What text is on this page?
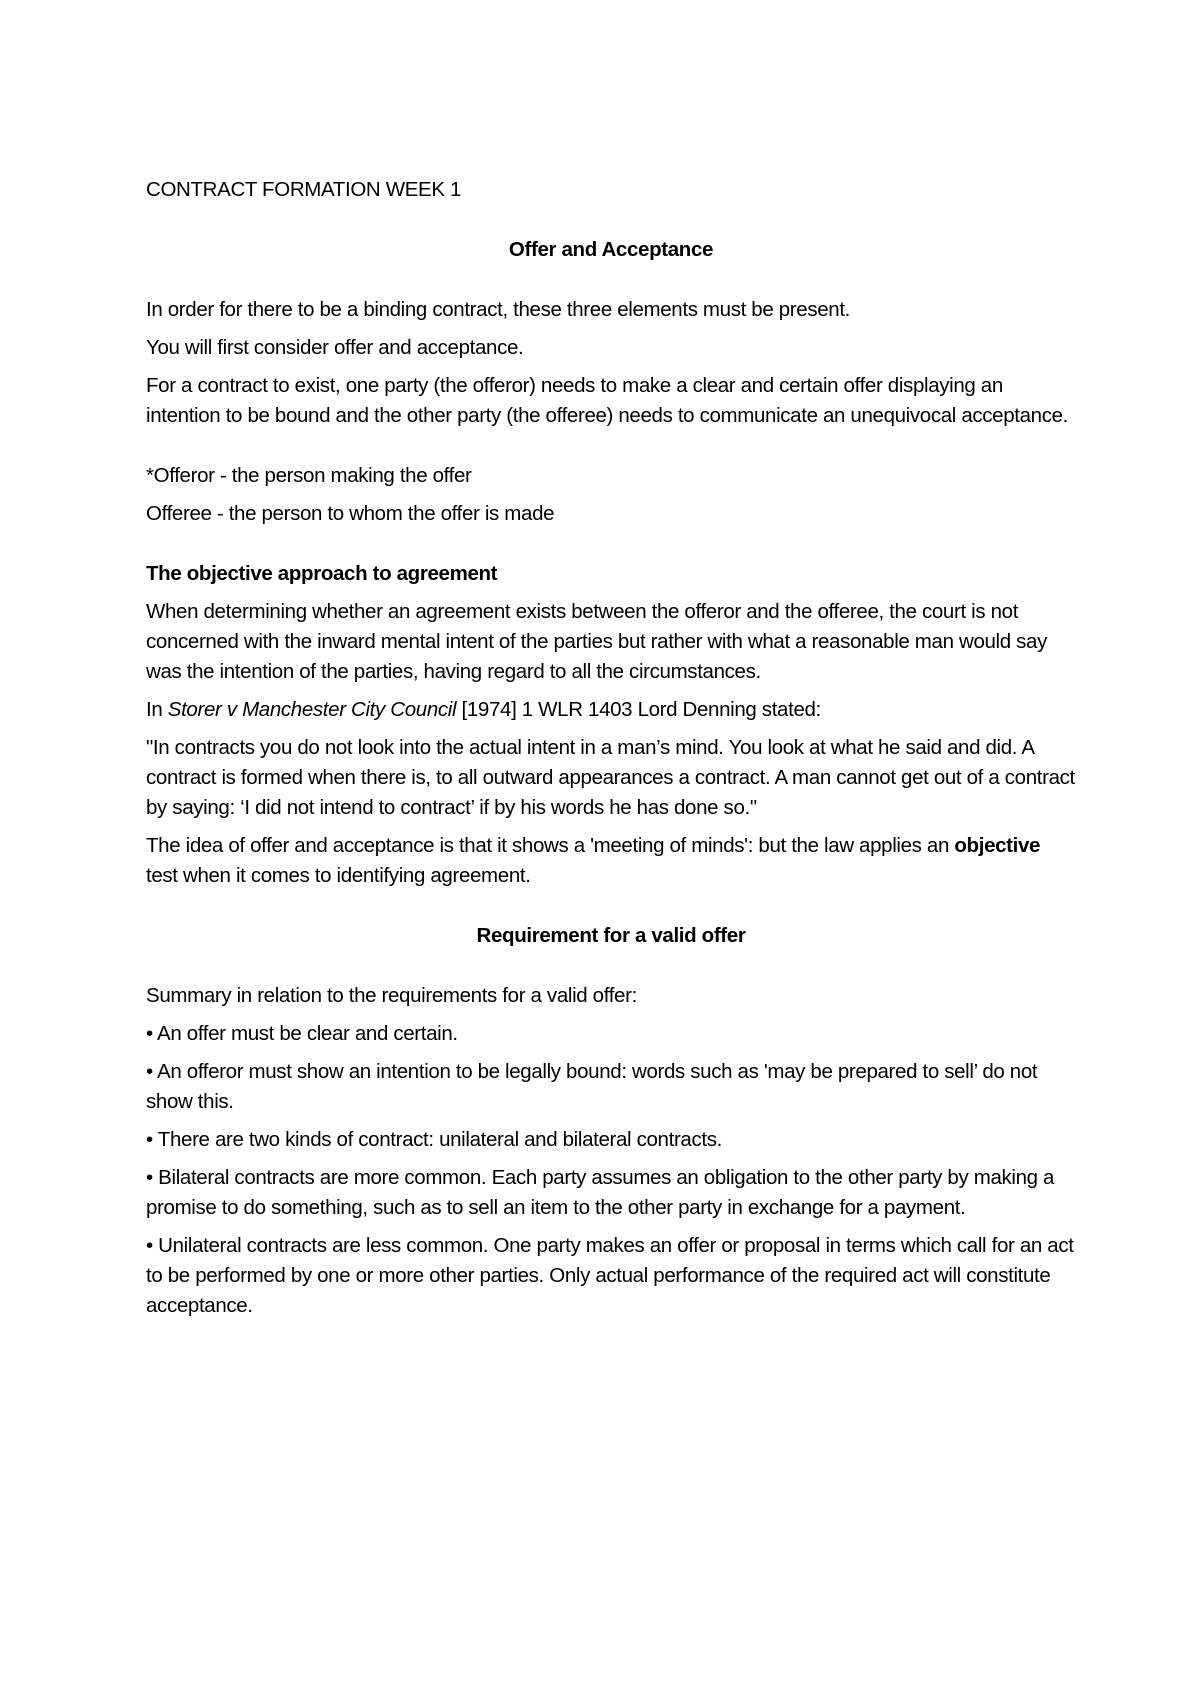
CONTRACT FORMATION WEEK 1

Offer and Acceptance

In order for there to be a binding contract, these three elements must be present.

You will first consider offer and acceptance.

For a contract to exist, one party (the offeror) needs to make a clear and certain offer displaying an intention to be bound and the other party (the offeree) needs to communicate an unequivocal acceptance.

*Offeror - the person making the offer

Offeree - the person to whom the offer is made

The objective approach to agreement

When determining whether an agreement exists between the offeror and the offeree, the court is not concerned with the inward mental intent of the parties but rather with what a reasonable man would say was the intention of the parties, having regard to all the circumstances.

In Storer v Manchester City Council [1974] 1 WLR 1403 Lord Denning stated:

"In contracts you do not look into the actual intent in a man’s mind. You look at what he said and did. A contract is formed when there is, to all outward appearances a contract. A man cannot get out of a contract by saying: ‘I did not intend to contract’ if by his words he has done so."

The idea of offer and acceptance is that it shows a 'meeting of minds': but the law applies an objective test when it comes to identifying agreement.

Requirement for a valid offer

Summary in relation to the requirements for a valid offer:

• An offer must be clear and certain.

• An offeror must show an intention to be legally bound: words such as 'may be prepared to sell’ do not show this.

• There are two kinds of contract: unilateral and bilateral contracts.

• Bilateral contracts are more common. Each party assumes an obligation to the other party by making a promise to do something, such as to sell an item to the other party in exchange for a payment.

• Unilateral contracts are less common. One party makes an offer or proposal in terms which call for an act to be performed by one or more other parties. Only actual performance of the required act will constitute acceptance.
